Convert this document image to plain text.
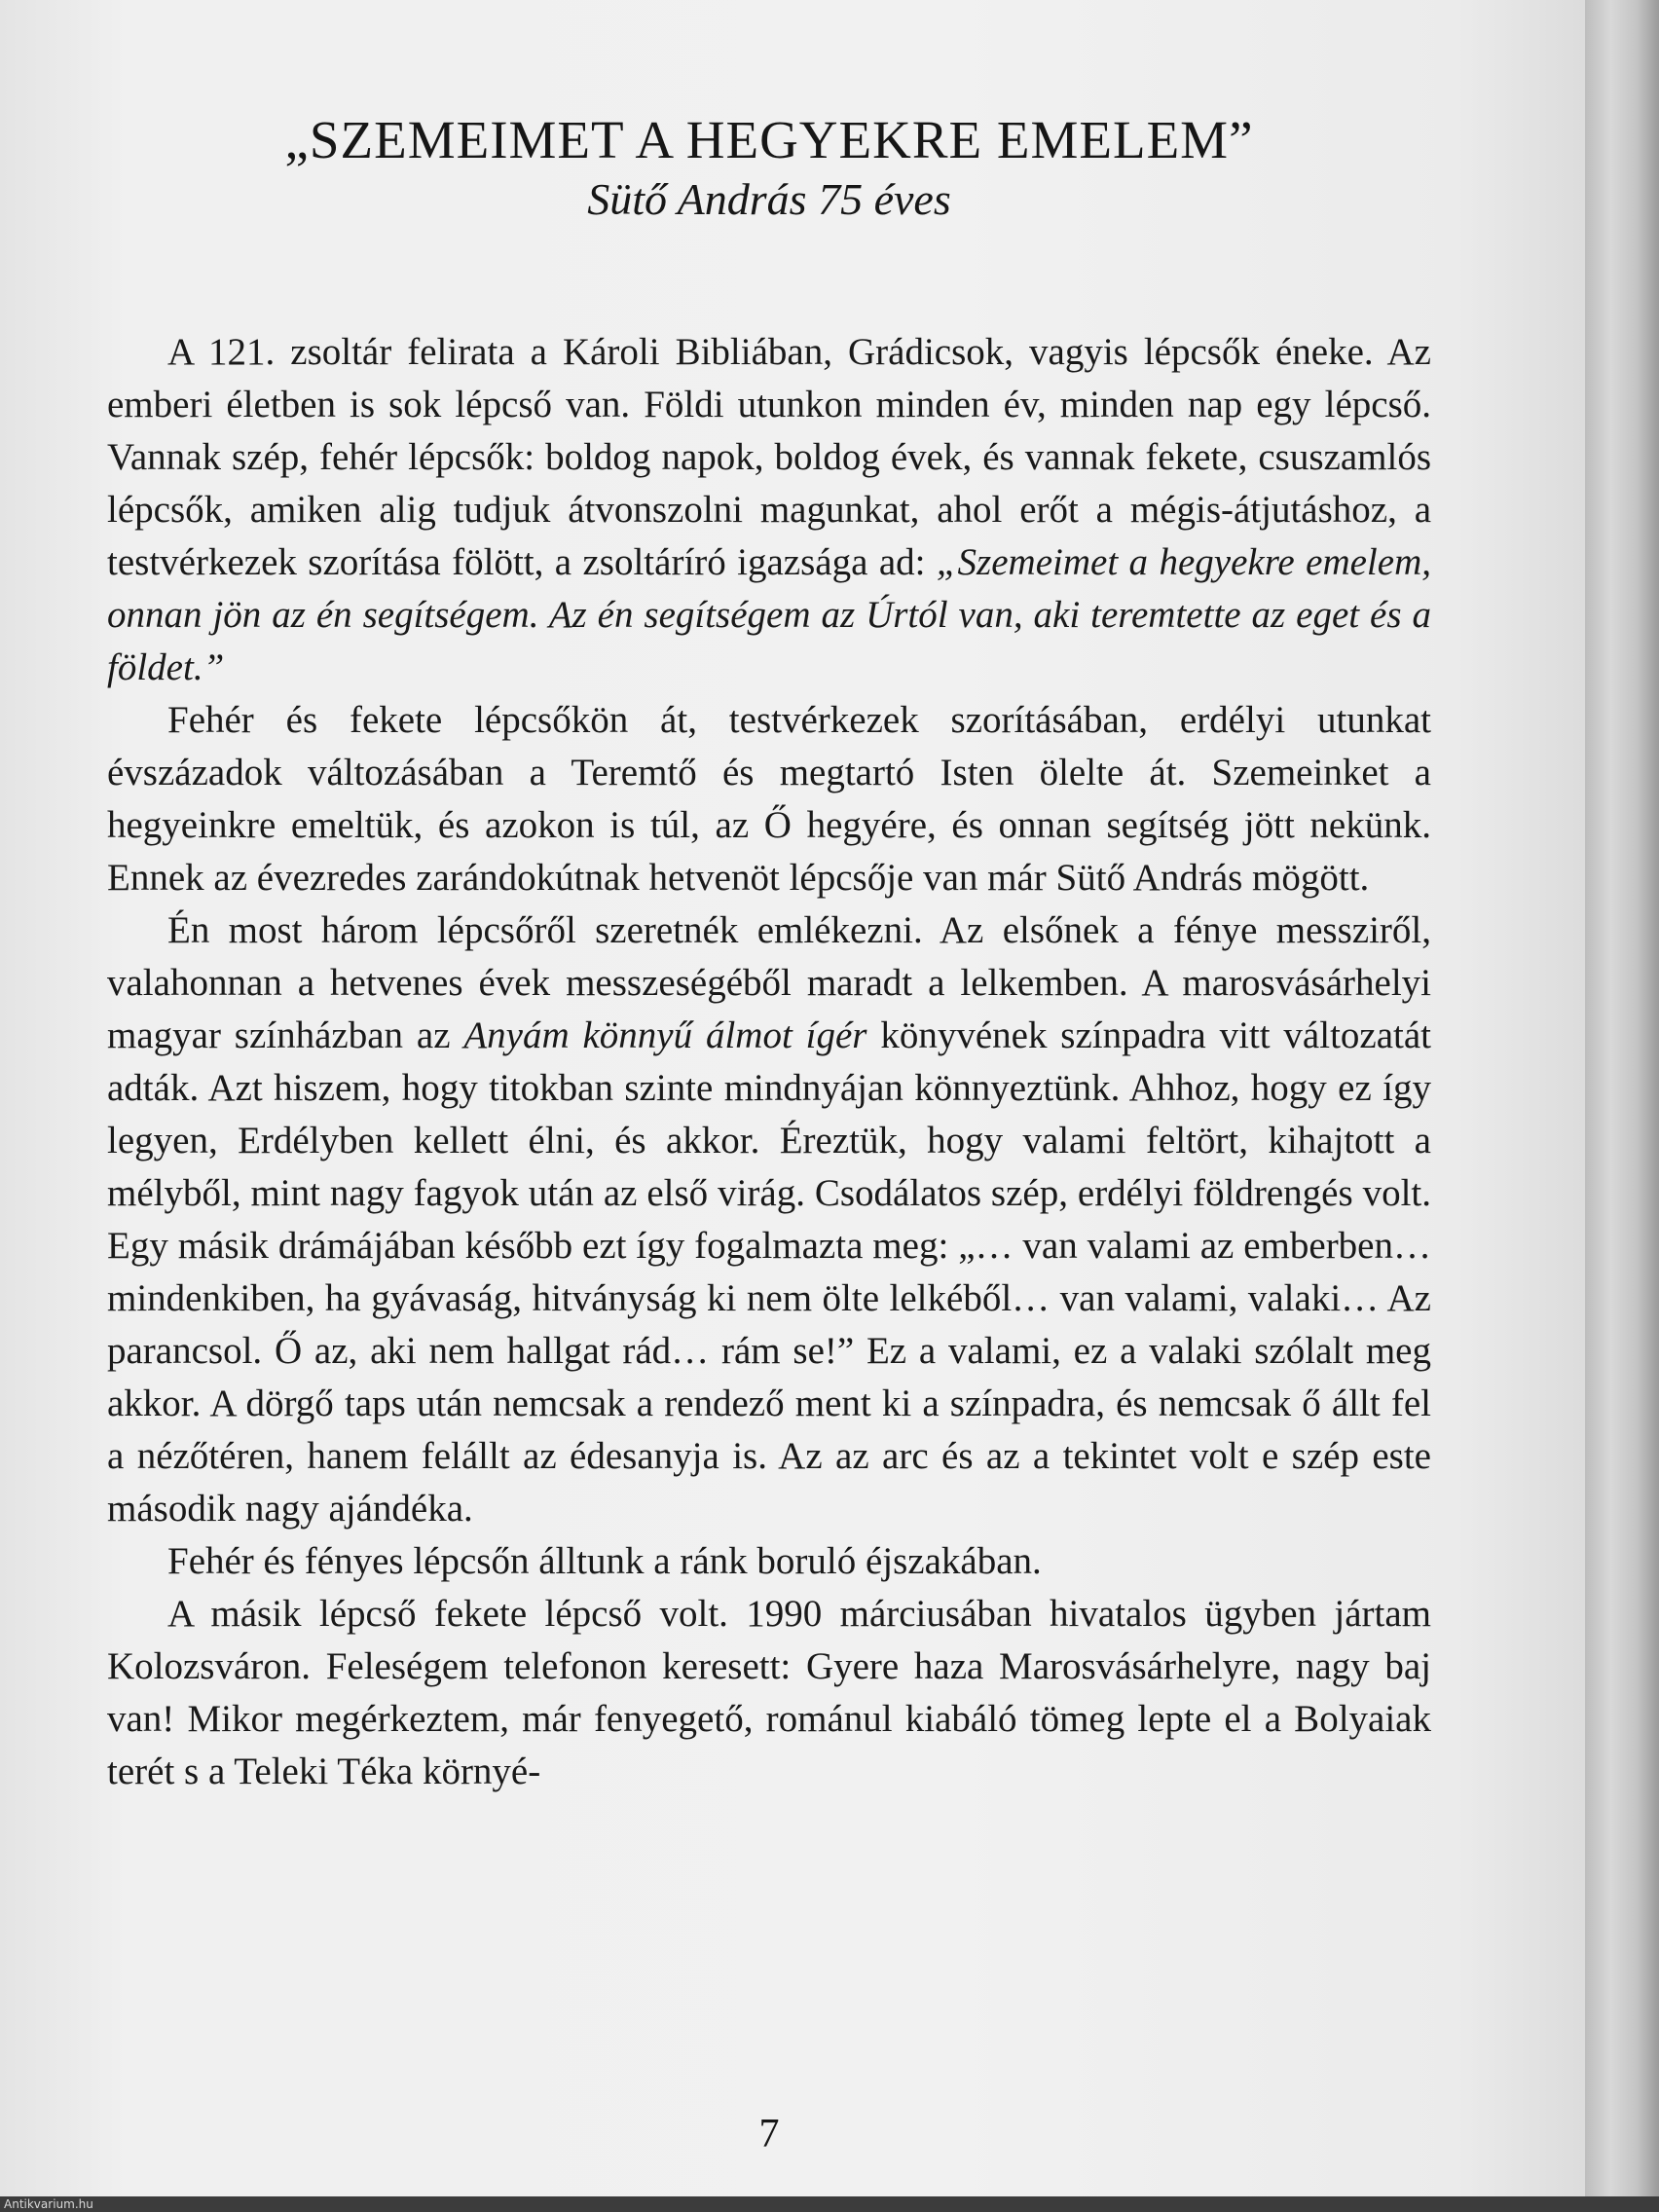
„SZEMEIMET A HEGYEKRE EMELEM”
Sütő András 75 éves

A 121. zsoltár felirata a Károli Bibliában, Grádicsok, vagyis lépcsők éneke. Az emberi életben is sok lépcső van. Földi utunkon minden év, minden nap egy lépcső. Vannak szép, fehér lépcsők: boldog napok, boldog évek, és vannak fekete, csuszamlós lépcsők, amiken alig tudjuk átvonszolni magunkat, ahol erőt a mégis-átjutáshoz, a testvérkezek szorítása fölött, a zsoltáríró igazsága ad: „Szemeimet a hegyekre emelem, onnan jön az én segítségem. Az én segítségem az Úrtól van, aki teremtette az eget és a földet.”

Fehér és fekete lépcsőkön át, testvérkezek szorításában, erdélyi utunkat évszázadok változásában a Teremtő és megtartó Isten ölelte át. Szemeinket a hegyeinkre emeltük, és azokon is túl, az Ő hegyére, és onnan segítség jött nekünk. Ennek az évezredes zarándokútnak hetvenöt lépcsője van már Sütő András mögött.

Én most három lépcsőről szeretnék emlékezni. Az elsőnek a fénye messziről, valahonnan a hetvenes évek messzeségéből maradt a lelkemben. A marosvásárhelyi magyar színházban az Anyám könnyű álmot ígér könyvének színpadra vitt változatát adták. Azt hiszem, hogy titokban szinte mindnyájan könnyeztünk. Ahhoz, hogy ez így legyen, Erdélyben kellett élni, és akkor. Éreztük, hogy valami feltört, kihajtott a mélyből, mint nagy fagyok után az első virág. Csodálatos szép, erdélyi földrengés volt. Egy másik drámájában később ezt így fogalmazta meg: „… van valami az emberben… mindenkiben, ha gyávaság, hitványság ki nem ölte lelkéből… van valami, valaki… Az parancsol. Ő az, aki nem hallgat rád… rám se!” Ez a valami, ez a valaki szólalt meg akkor. A dörgő taps után nemcsak a rendező ment ki a színpadra, és nemcsak ő állt fel a nézőtéren, hanem felállt az édesanyja is. Az az arc és az a tekintet volt e szép este második nagy ajándéka.

Fehér és fényes lépcsőn álltunk a ránk boruló éjszakában.

A másik lépcső fekete lépcső volt. 1990 márciusában hivatalos ügyben jártam Kolozsváron. Feleségem telefonon keresett: Gyere haza Marosvásárhelyre, nagy baj van! Mikor megérkeztem, már fenyegető, románul kiabáló tömeg lepte el a Bolyaiak terét s a Teleki Téka környé-

7
Antikvarium.hu
